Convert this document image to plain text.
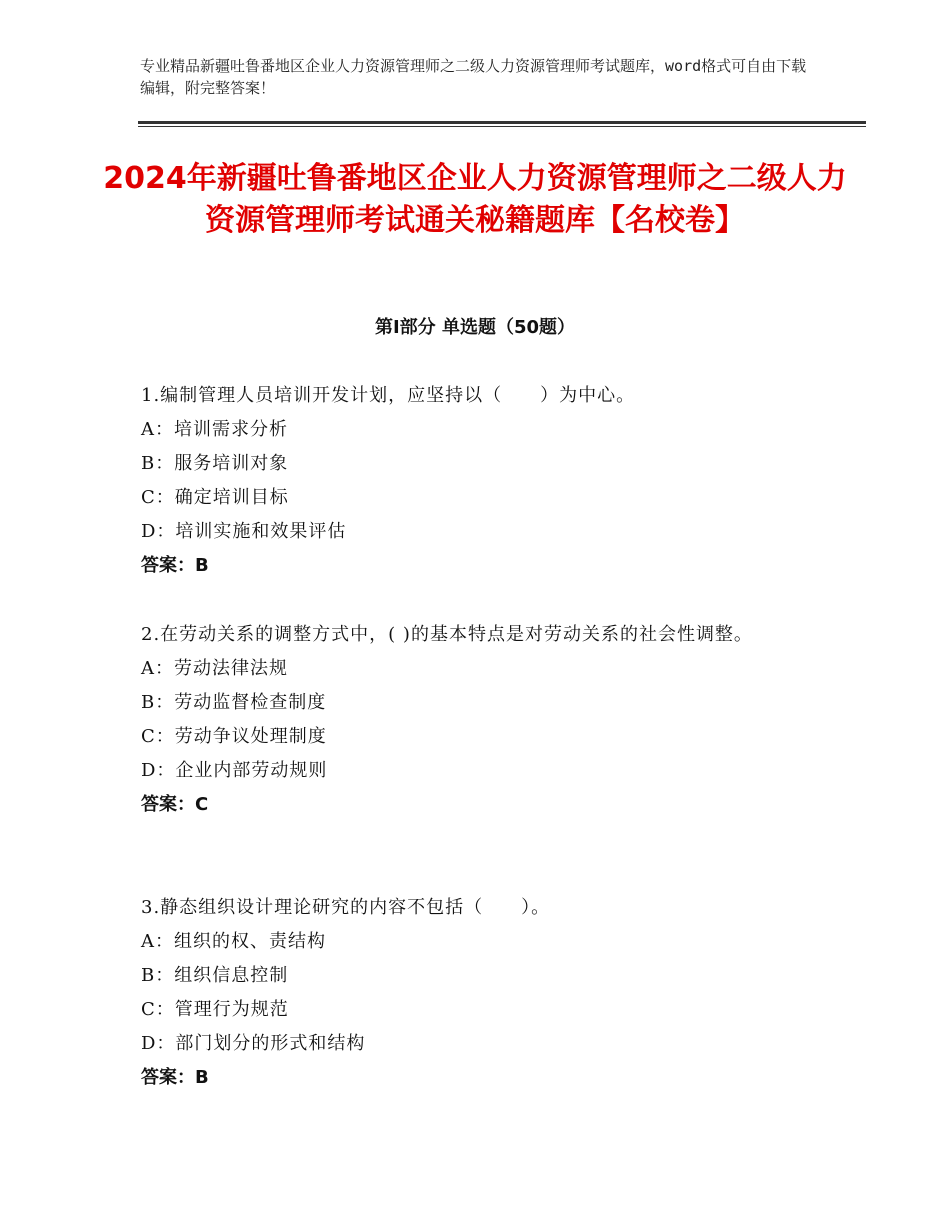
专业精品新疆吐鲁番地区企业人力资源管理师之二级人力资源管理师考试题库，word格式可自由下载编辑，附完整答案！
2024年新疆吐鲁番地区企业人力资源管理师之二级人力资源管理师考试通关秘籍题库【名校卷】
第Ⅰ部分 单选题（50题）
1.编制管理人员培训开发计划，应坚持以（　　）为中心。
A：培训需求分析
B：服务培训对象
C：确定培训目标
D：培训实施和效果评估
答案：B
2.在劳动关系的调整方式中，( )的基本特点是对劳动关系的社会性调整。
A：劳动法律法规
B：劳动监督检查制度
C：劳动争议处理制度
D：企业内部劳动规则
答案：C
3.静态组织设计理论研究的内容不包括（　　）。
A：组织的权、责结构
B：组织信息控制
C：管理行为规范
D：部门划分的形式和结构
答案：B
